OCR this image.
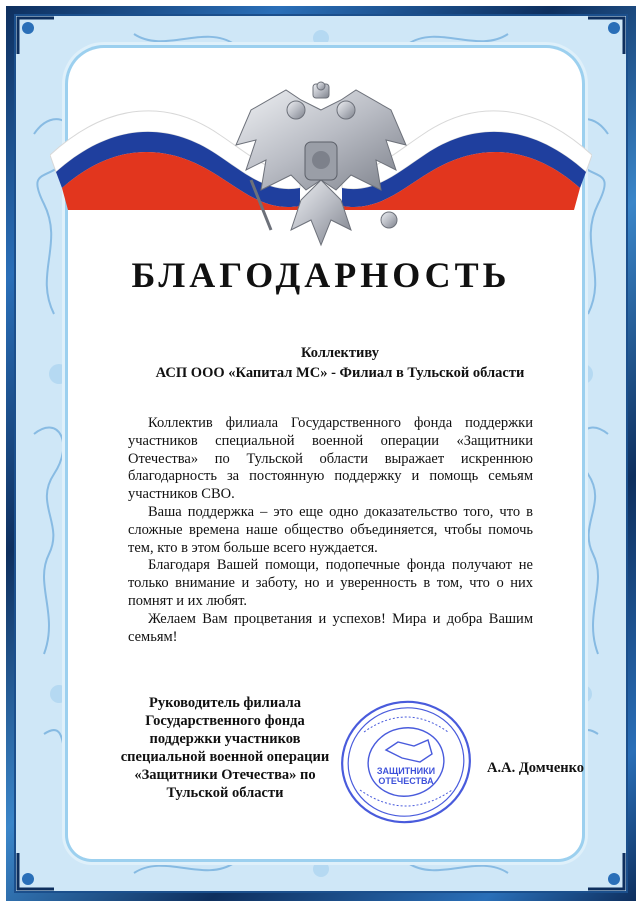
БЛАГОДАРНОСТЬ
Коллективу
АСП ООО «Капитал МС» - Филиал в Тульской области

Коллектив филиала Государственного фонда поддержки участников специальной военной операции «Защитники Отечества» по Тульской области выражает искреннюю благодарность за постоянную поддержку и помощь семьям участников СВО.

Ваша поддержка – это еще одно доказательство того, что в сложные времена наше общество объединяется, чтобы помочь тем, кто в этом больше всего нуждается.

Благодаря Вашей помощи, подопечные фонда получают не только внимание и заботу, но и уверенность в том, что о них помнят и их любят.

Желаем Вам процветания и успехов! Мира и добра Вашим семьям!

Руководитель филиала
Государственного фонда
поддержки участников
специальной военной операции
«Защитники Отечества» по
Тульской области
ЗАЩИТНИКИ
ОТЕЧЕСТВА
А.А. Домченко
